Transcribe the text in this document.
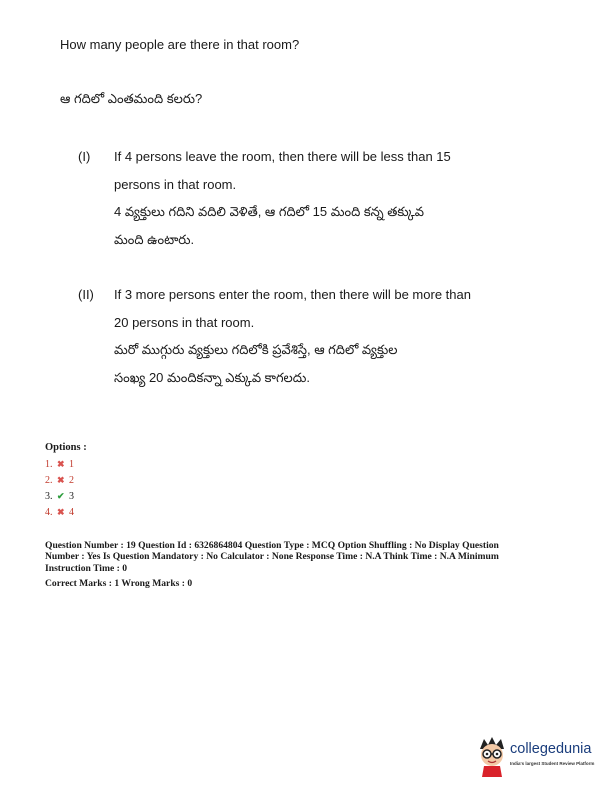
How many people are there in that room?
ఆ గదిలో ఎంతమంది కలరు?
(I)	If 4 persons leave the room, then there will be less than 15
persons in that room.
4 వ్యక్తులు గదిని వదిలి వెళితే, ఆ గదిలో 15 మంది కన్న తక్కువ
మంది ఉంటారు.
(II)	If 3 more persons enter the room, then there will be more than
20 persons in that room.
మరో ముగ్గురు వ్యక్తులు గదిలోకి ప్రవేశిస్తే, ఆ గదిలో వ్యక్తుల
సంఖ్య 20 మందికన్నా ఎక్కువ కాగలదు.
Options :
1. ✖ 1
2. ✖ 2
3. ✔ 3
4. ✖ 4
Question Number : 19 Question Id : 6326864804 Question Type : MCQ Option Shuffling : No Display Question
Number : Yes Is Question Mandatory : No Calculator : None Response Time : N.A Think Time : N.A Minimum
Instruction Time : 0
Correct Marks : 1 Wrong Marks : 0
collegedunia
India's largest Student Review Platform
